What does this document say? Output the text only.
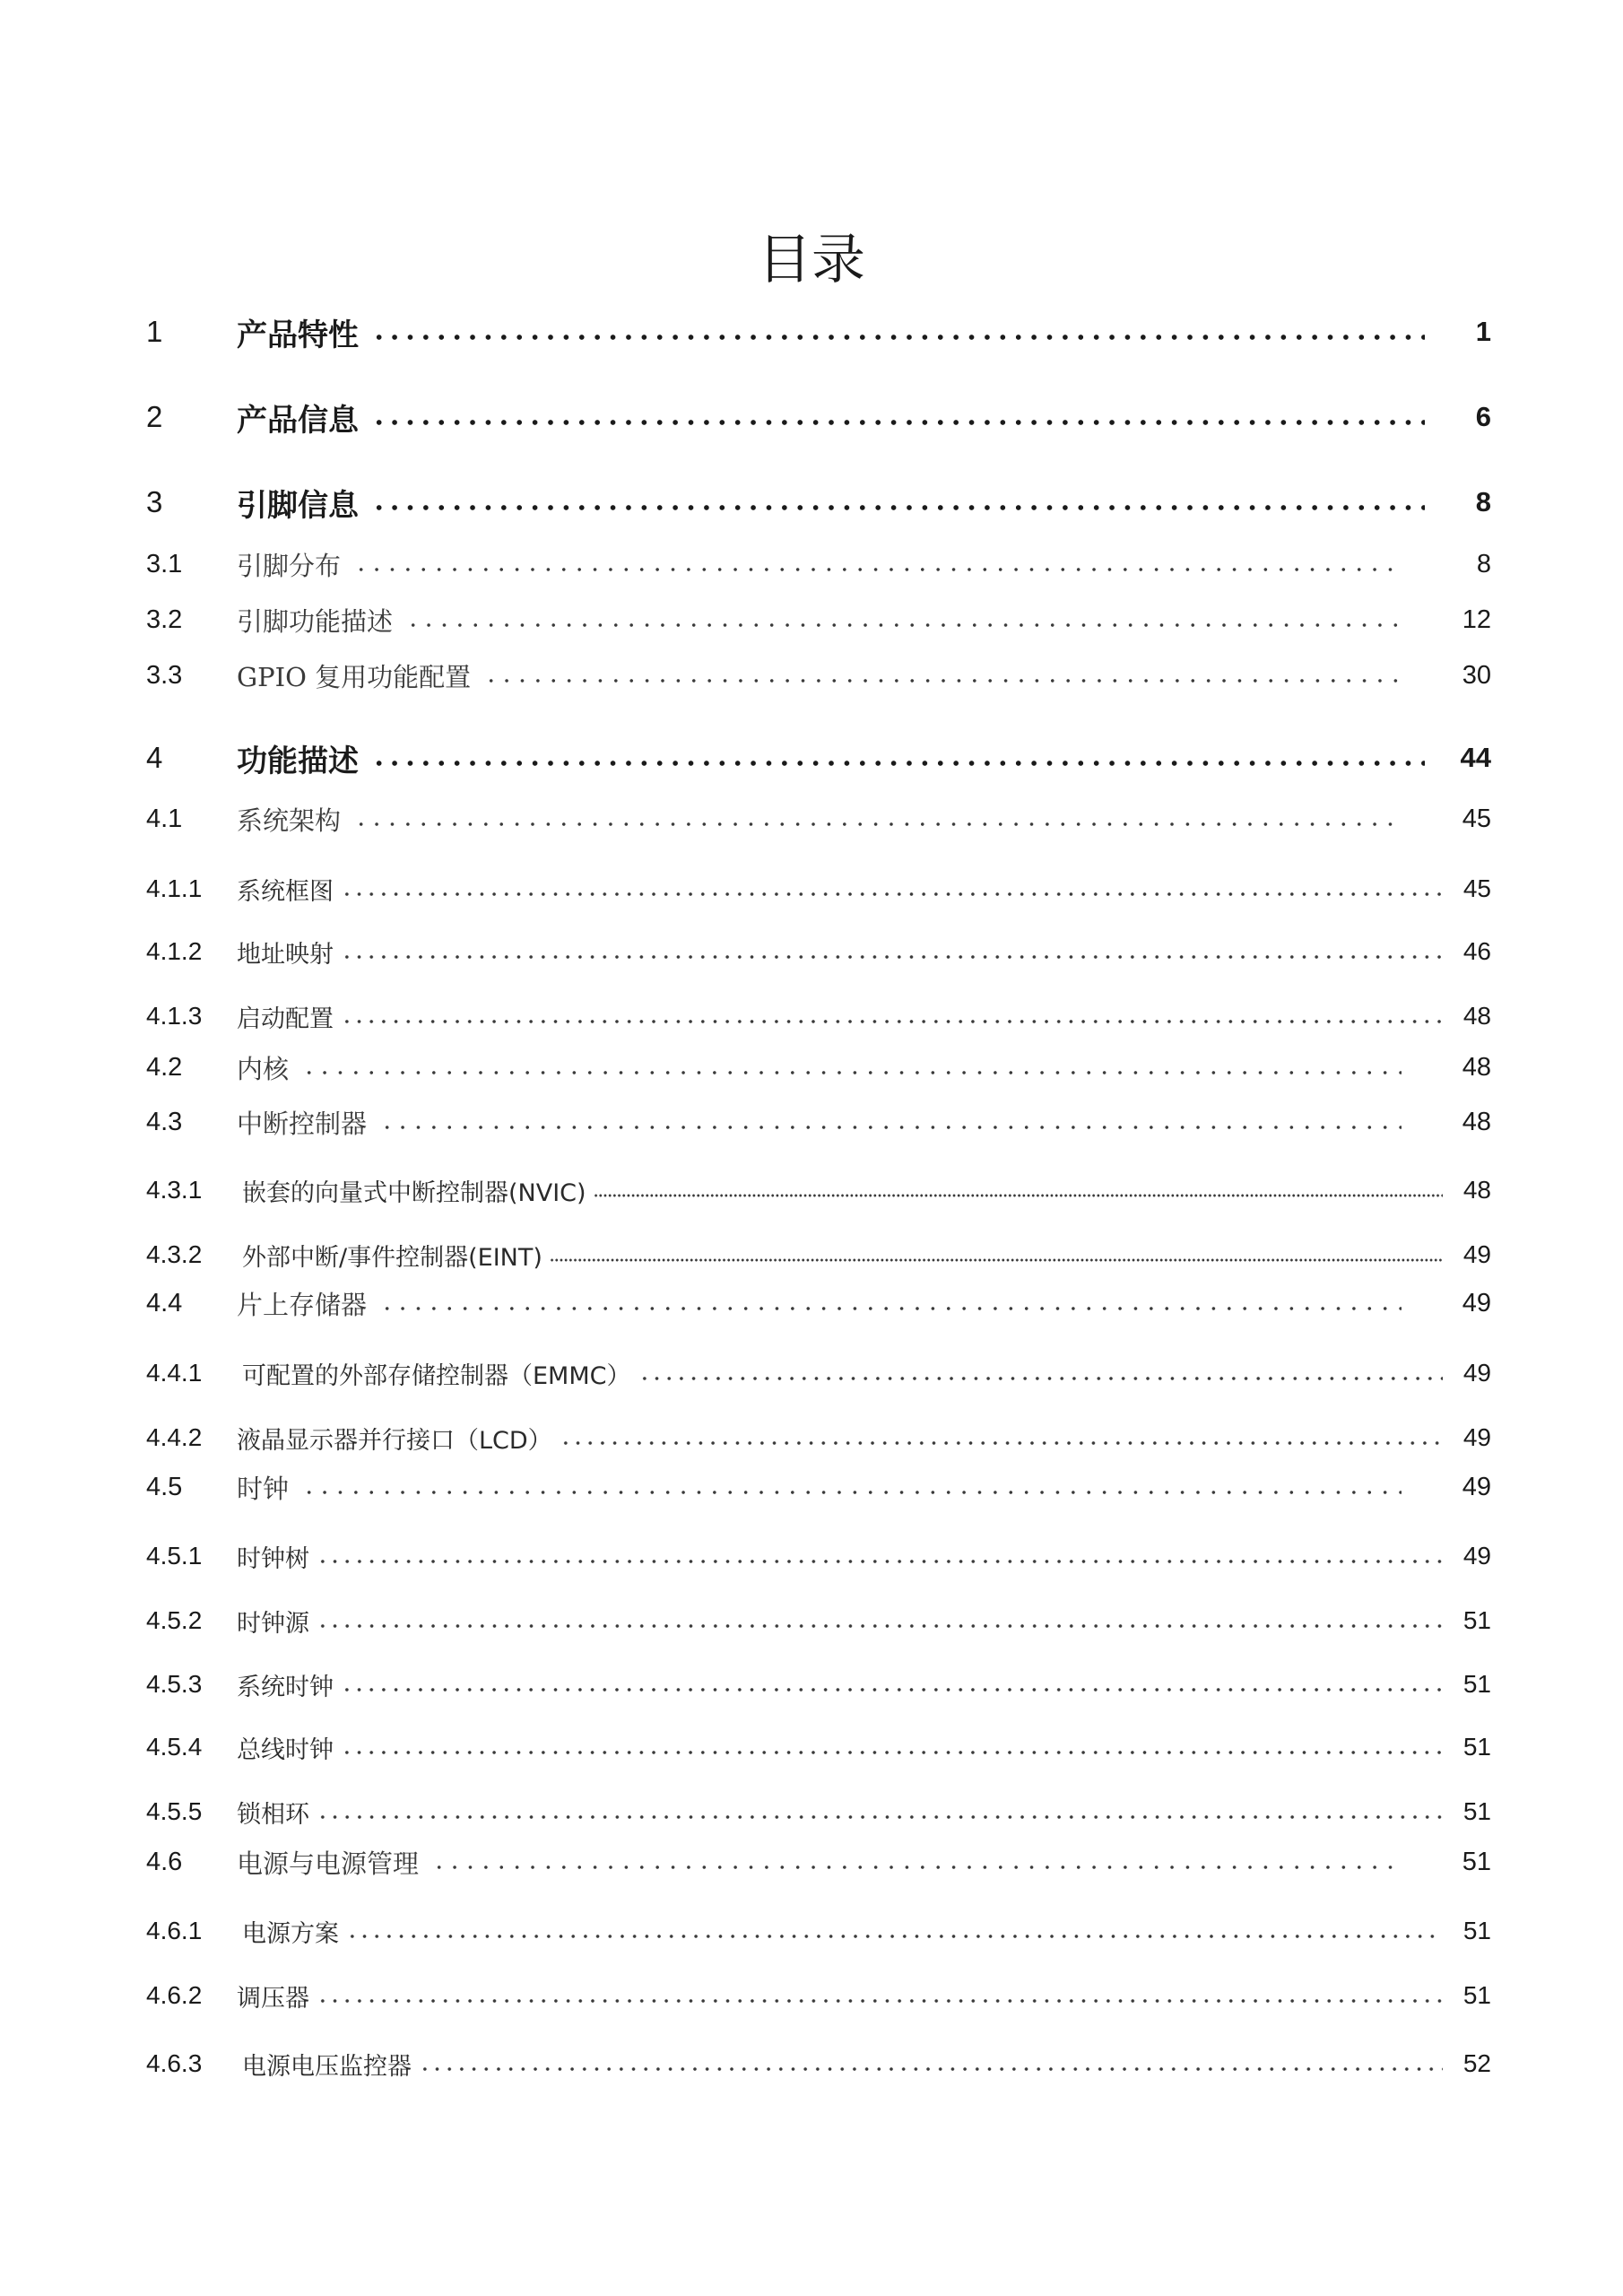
目录
1	产品特性	1
2	产品信息	6
3	引脚信息	8
3.1	引脚分布	8
3.2	引脚功能描述	12
3.3	GPIO 复用功能配置	30
4	功能描述	44
4.1	系统架构	45
4.1.1	系统框图	45
4.1.2	地址映射	46
4.1.3	启动配置	48
4.2	内核	48
4.3	中断控制器	48
4.3.1	嵌套的向量式中断控制器(NVIC)	48
4.3.2	外部中断/事件控制器(EINT)	49
4.4	片上存储器	49
4.4.1	可配置的外部存储控制器（EMMC）	49
4.4.2	液晶显示器并行接口（LCD）	49
4.5	时钟	49
4.5.1	时钟树	49
4.5.2	时钟源	51
4.5.3	系统时钟	51
4.5.4	总线时钟	51
4.5.5	锁相环	51
4.6	电源与电源管理	51
4.6.1	电源方案	51
4.6.2	调压器	51
4.6.3	电源电压监控器	52
